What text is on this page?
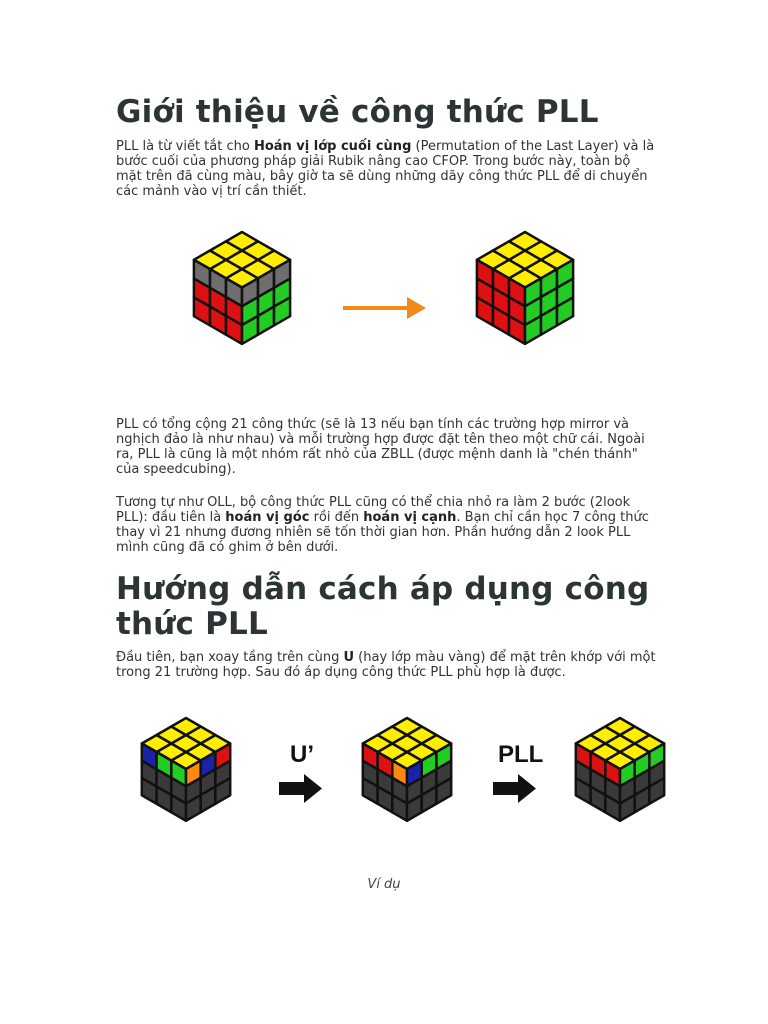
Giới thiệu về công thức PLL

PLL là từ viết tắt cho Hoán vị lớp cuối cùng (Permutation of the Last Layer) và là bước cuối của phương pháp giải Rubik nâng cao CFOP. Trong bước này, toàn bộ mặt trên đã cùng màu, bây giờ ta sẽ dùng những dãy công thức PLL để di chuyển các mảnh vào vị trí cần thiết.

PLL có tổng cộng 21 công thức (sẽ là 13 nếu bạn tính các trường hợp mirror và nghịch đảo là như nhau) và mỗi trường hợp được đặt tên theo một chữ cái. Ngoài ra, PLL là cũng là một nhóm rất nhỏ của ZBLL (được mệnh danh là "chén thánh" của speedcubing).

Tương tự như OLL, bộ công thức PLL cũng có thể chia nhỏ ra làm 2 bước (2look PLL): đầu tiên là hoán vị góc rồi đến hoán vị cạnh. Bạn chỉ cần học 7 công thức thay vì 21 nhưng đương nhiên sẽ tốn thời gian hơn. Phần hướng dẫn 2 look PLL mình cũng đã có ghim ở bên dưới.

Hướng dẫn cách áp dụng công thức PLL

Đầu tiên, bạn xoay tầng trên cùng U (hay lớp màu vàng) để mặt trên khớp với một trong 21 trường hợp. Sau đó áp dụng công thức PLL phù hợp là được.

U’	PLL
Ví dụ
